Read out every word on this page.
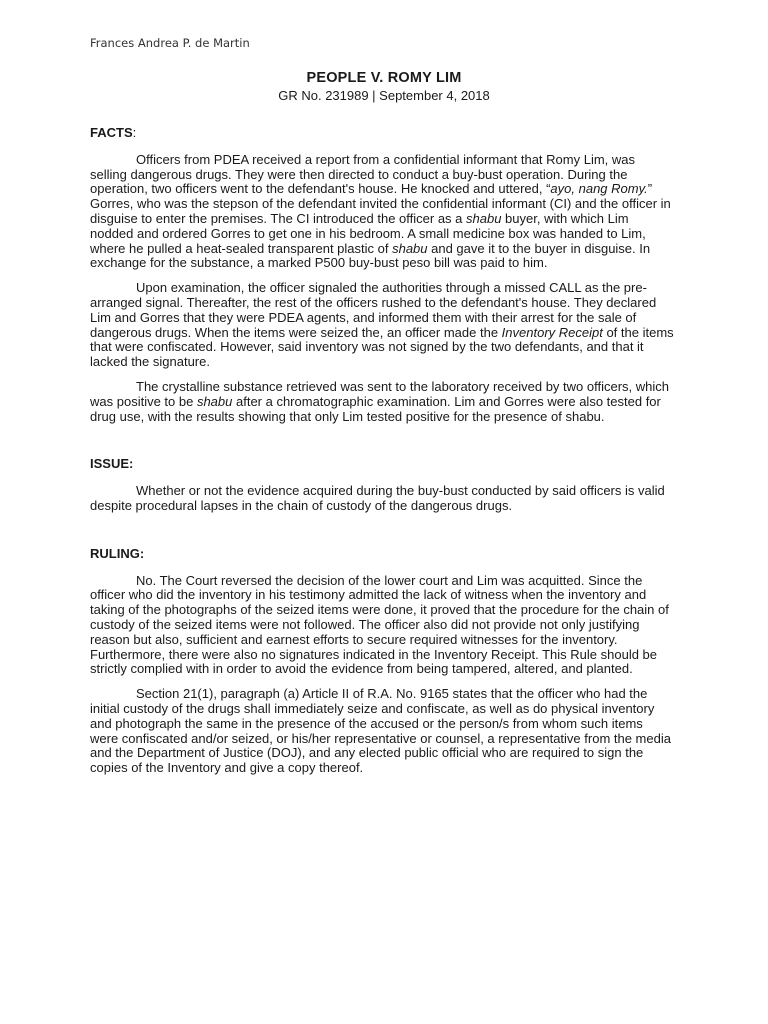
Frances Andrea P. de Martin
PEOPLE V. ROMY LIM
GR No. 231989 | September 4, 2018
FACTS:

Officers from PDEA received a report from a confidential informant that Romy Lim, was selling dangerous drugs. They were then directed to conduct a buy-bust operation. During the operation, two officers went to the defendant's house. He knocked and uttered, “ayo, nang Romy.” Gorres, who was the stepson of the defendant invited the confidential informant (CI) and the officer in disguise to enter the premises. The CI introduced the officer as a shabu buyer, with which Lim nodded and ordered Gorres to get one in his bedroom. A small medicine box was handed to Lim, where he pulled a heat-sealed transparent plastic of shabu and gave it to the buyer in disguise. In exchange for the substance, a marked P500 buy-bust peso bill was paid to him.

Upon examination, the officer signaled the authorities through a missed CALL as the pre-arranged signal. Thereafter, the rest of the officers rushed to the defendant's house. They declared Lim and Gorres that they were PDEA agents, and informed them with their arrest for the sale of dangerous drugs. When the items were seized the, an officer made the Inventory Receipt of the items that were confiscated. However, said inventory was not signed by the two defendants, and that it lacked the signature.

The crystalline substance retrieved was sent to the laboratory received by two officers, which was positive to be shabu after a chromatographic examination. Lim and Gorres were also tested for drug use, with the results showing that only Lim tested positive for the presence of shabu.

ISSUE:

Whether or not the evidence acquired during the buy-bust conducted by said officers is valid despite procedural lapses in the chain of custody of the dangerous drugs.

RULING:

No. The Court reversed the decision of the lower court and Lim was acquitted. Since the officer who did the inventory in his testimony admitted the lack of witness when the inventory and taking of the photographs of the seized items were done, it proved that the procedure for the chain of custody of the seized items were not followed. The officer also did not provide not only justifying reason but also, sufficient and earnest efforts to secure required witnesses for the inventory. Furthermore, there were also no signatures indicated in the Inventory Receipt. This Rule should be strictly complied with in order to avoid the evidence from being tampered, altered, and planted.

Section 21(1), paragraph (a) Article II of R.A. No. 9165 states that the officer who had the initial custody of the drugs shall immediately seize and confiscate, as well as do physical inventory and photograph the same in the presence of the accused or the person/s from whom such items were confiscated and/or seized, or his/her representative or counsel, a representative from the media and the Department of Justice (DOJ), and any elected public official who are required to sign the copies of the Inventory and give a copy thereof.
